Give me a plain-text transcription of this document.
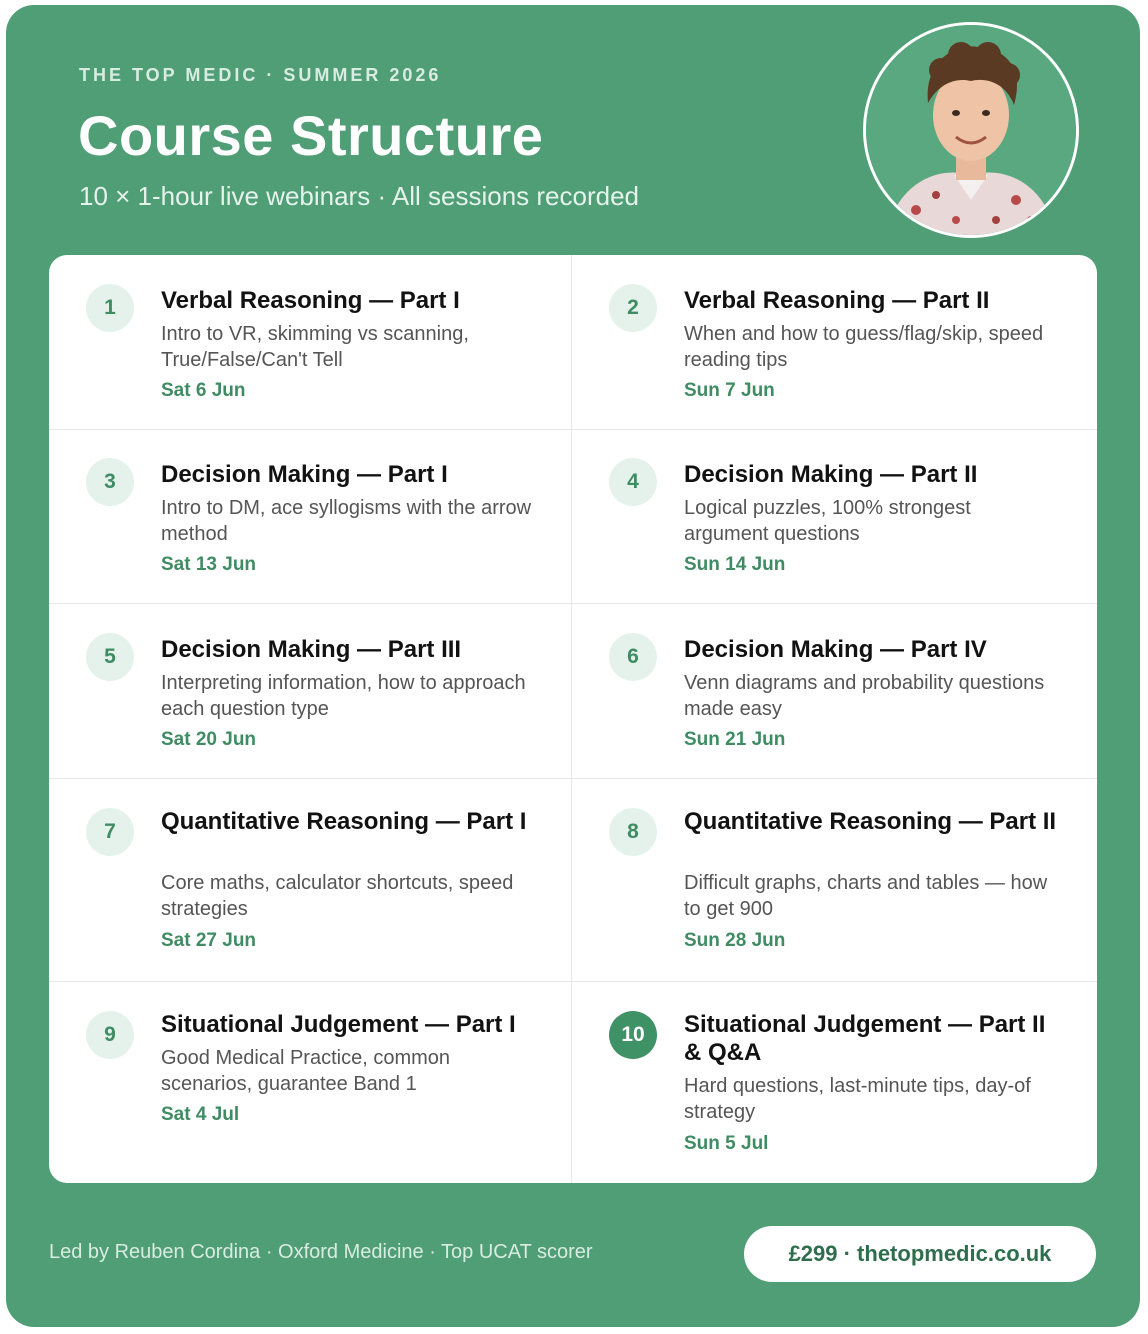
THE TOP MEDIC · SUMMER 2026
Course Structure
10 × 1-hour live webinars · All sessions recorded
1	Verbal Reasoning — Part I
Intro to VR, skimming vs scanning, True/False/Can't Tell
Sat 6 Jun
2	Verbal Reasoning — Part II
When and how to guess/flag/skip, speed reading tips
Sun 7 Jun
3	Decision Making — Part I
Intro to DM, ace syllogisms with the arrow method
Sat 13 Jun
4	Decision Making — Part II
Logical puzzles, 100% strongest argument questions
Sun 14 Jun
5	Decision Making — Part III
Interpreting information, how to approach each question type
Sat 20 Jun
6	Decision Making — Part IV
Venn diagrams and probability questions made easy
Sun 21 Jun
7	Quantitative Reasoning — Part I
Core maths, calculator shortcuts, speed strategies
Sat 27 Jun
8	Quantitative Reasoning — Part II
Difficult graphs, charts and tables — how to get 900
Sun 28 Jun
9	Situational Judgement — Part I
Good Medical Practice, common scenarios, guarantee Band 1
Sat 4 Jul
10	Situational Judgement — Part II & Q&A
Hard questions, last-minute tips, day-of strategy
Sun 5 Jul
Led by Reuben Cordina · Oxford Medicine · Top UCAT scorer	£299 · thetopmedic.co.uk
